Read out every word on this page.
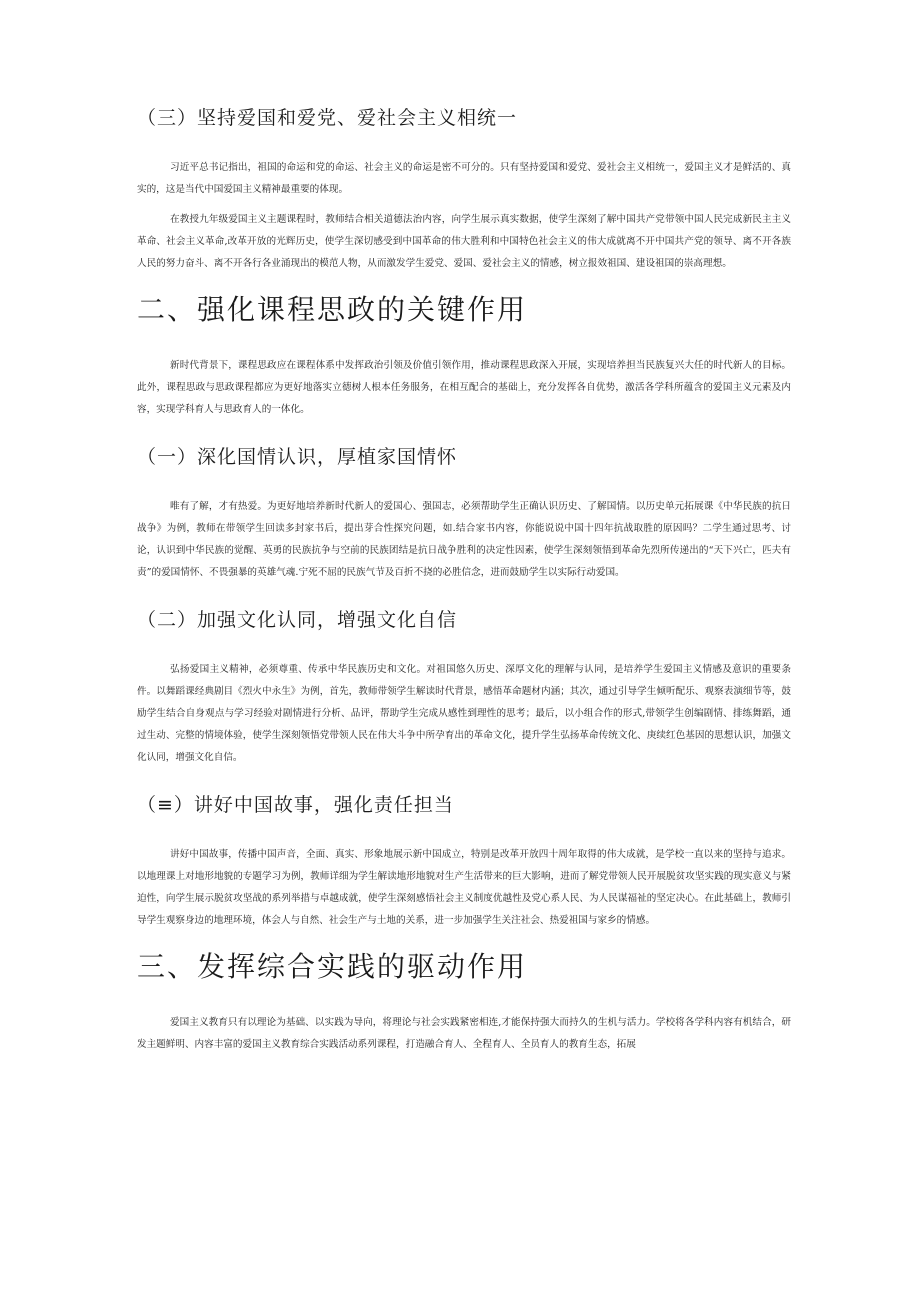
（三）坚持爱国和爱党、爱社会主义相统一

习近平总书记指出，祖国的命运和党的命运、社会主义的命运是密不可分的。只有坚持爱国和爱党、爱社会主义相统一，爱国主义才是鲜活的、真实的，这是当代中国爱国主义精神最重要的体现。

在教授九年级爱国主义主题课程时，教师结合相关道德法治内容，向学生展示真实数据，使学生深刻了解中国共产党带领中国人民完成新民主主义革命、社会主义革命,改革开放的光辉历史，使学生深切感受到中国革命的伟大胜利和中国特色社会主义的伟大成就离不开中国共产党的领导、离不开各族人民的努力奋斗、离不开各行各业涌现出的模范人物，从而激发学生爱党、爱国、爱社会主义的情感，树立报效祖国、建设祖国的崇高理想。

二、强化课程思政的关键作用

新时代背景下，课程思政应在课程体系中发挥政治引领及价值引领作用，推动课程思政深入开展，实现培养担当民族复兴大任的时代新人的目标。此外，课程思政与思政课程都应为更好地落实立德树人根本任务服务，在相互配合的基础上，充分发挥各自优势，激活各学科所蕴含的爱国主义元素及内容，实现学科育人与思政育人的一体化。

（一）深化国情认识，厚植家国情怀

唯有了解，才有热爱。为更好地培养新时代新人的爱国心、强国志，必须帮助学生正确认识历史、了解国情。以历史单元拓展课《中华民族的抗日战争》为例，教师在带领学生回读多封家书后，提出芽合性探究问题，如.结合家书内容，你能说说中国十四年抗战取胜的原因吗？二学生通过思考、讨论，认识到中华民族的觉醒、英勇的民族抗争与空前的民族团结是抗日战争胜利的决定性因素，使学生深刻领悟到革命先烈所传递出的“天下兴亡，匹夫有责”的爱国情怀、不畏强暴的英雄气魂.宁死不屈的民族气节及百折不挠的必胜信念，进而鼓励学生以实际行动爱国。

（二）加强文化认同，增强文化自信

弘扬爱国主义精神，必须尊重、传承中华民族历史和文化。对祖国悠久历史、深厚文化的理解与认同，是培养学生爱国主义情感及意识的重要条件。以舞蹈课经典剧目《烈火中永生》为例，首先，教师带领学生解读时代背景，感悟革命题材内涵；其次，通过引导学生倾听配乐、观察表演细节等，鼓励学生结合自身观点与学习经验对剧情进行分析、品评，帮助学生完成从感性到理性的思考；最后，以小组合作的形式,带领学生创编剧情、排练舞蹈，通过生动、完整的情境体验，使学生深刻领悟党带领人民在伟大斗争中所孕育出的革命文化，提升学生弘扬革命传统文化、庚续红色基因的思想认识，加强文化认同，增强文化自信。

（≡）讲好中国故事，强化责任担当

讲好中国故事，传播中国声音，全面、真实、形象地展示新中国成立，特别是改革开放四十周年取得的伟大成就，是学校一直以来的坚持与追求。以地理课上对地形地貌的专题学习为例，教师详细为学生解读地形地貌对生产生活带来的巨大影响，进而了解党带领人民开展脱贫攻坚实践的现实意义与紧迫性，向学生展示脱贫攻坚战的系列举措与卓越成就，使学生深刻感悟社会主义制度优越性及党心系人民、为人民谋福祉的坚定决心。在此基础上，教师引导学生观察身边的地理环境，体会人与自然、社会生产与土地的关系，进一步加强学生关注社会、热爱祖国与家乡的情感。

三、发挥综合实践的驱动作用

爱国主义教育只有以理论为基础、以实践为导向，将理论与社会实践紧密相连,才能保持强大而持久的生机与活力。学校将各学科内容有机结合，研发主题鲜明、内容丰富的爱国主义教育综合实践活动系列课程，打造融合育人、全程育人、全员育人的教育生态，拓展
